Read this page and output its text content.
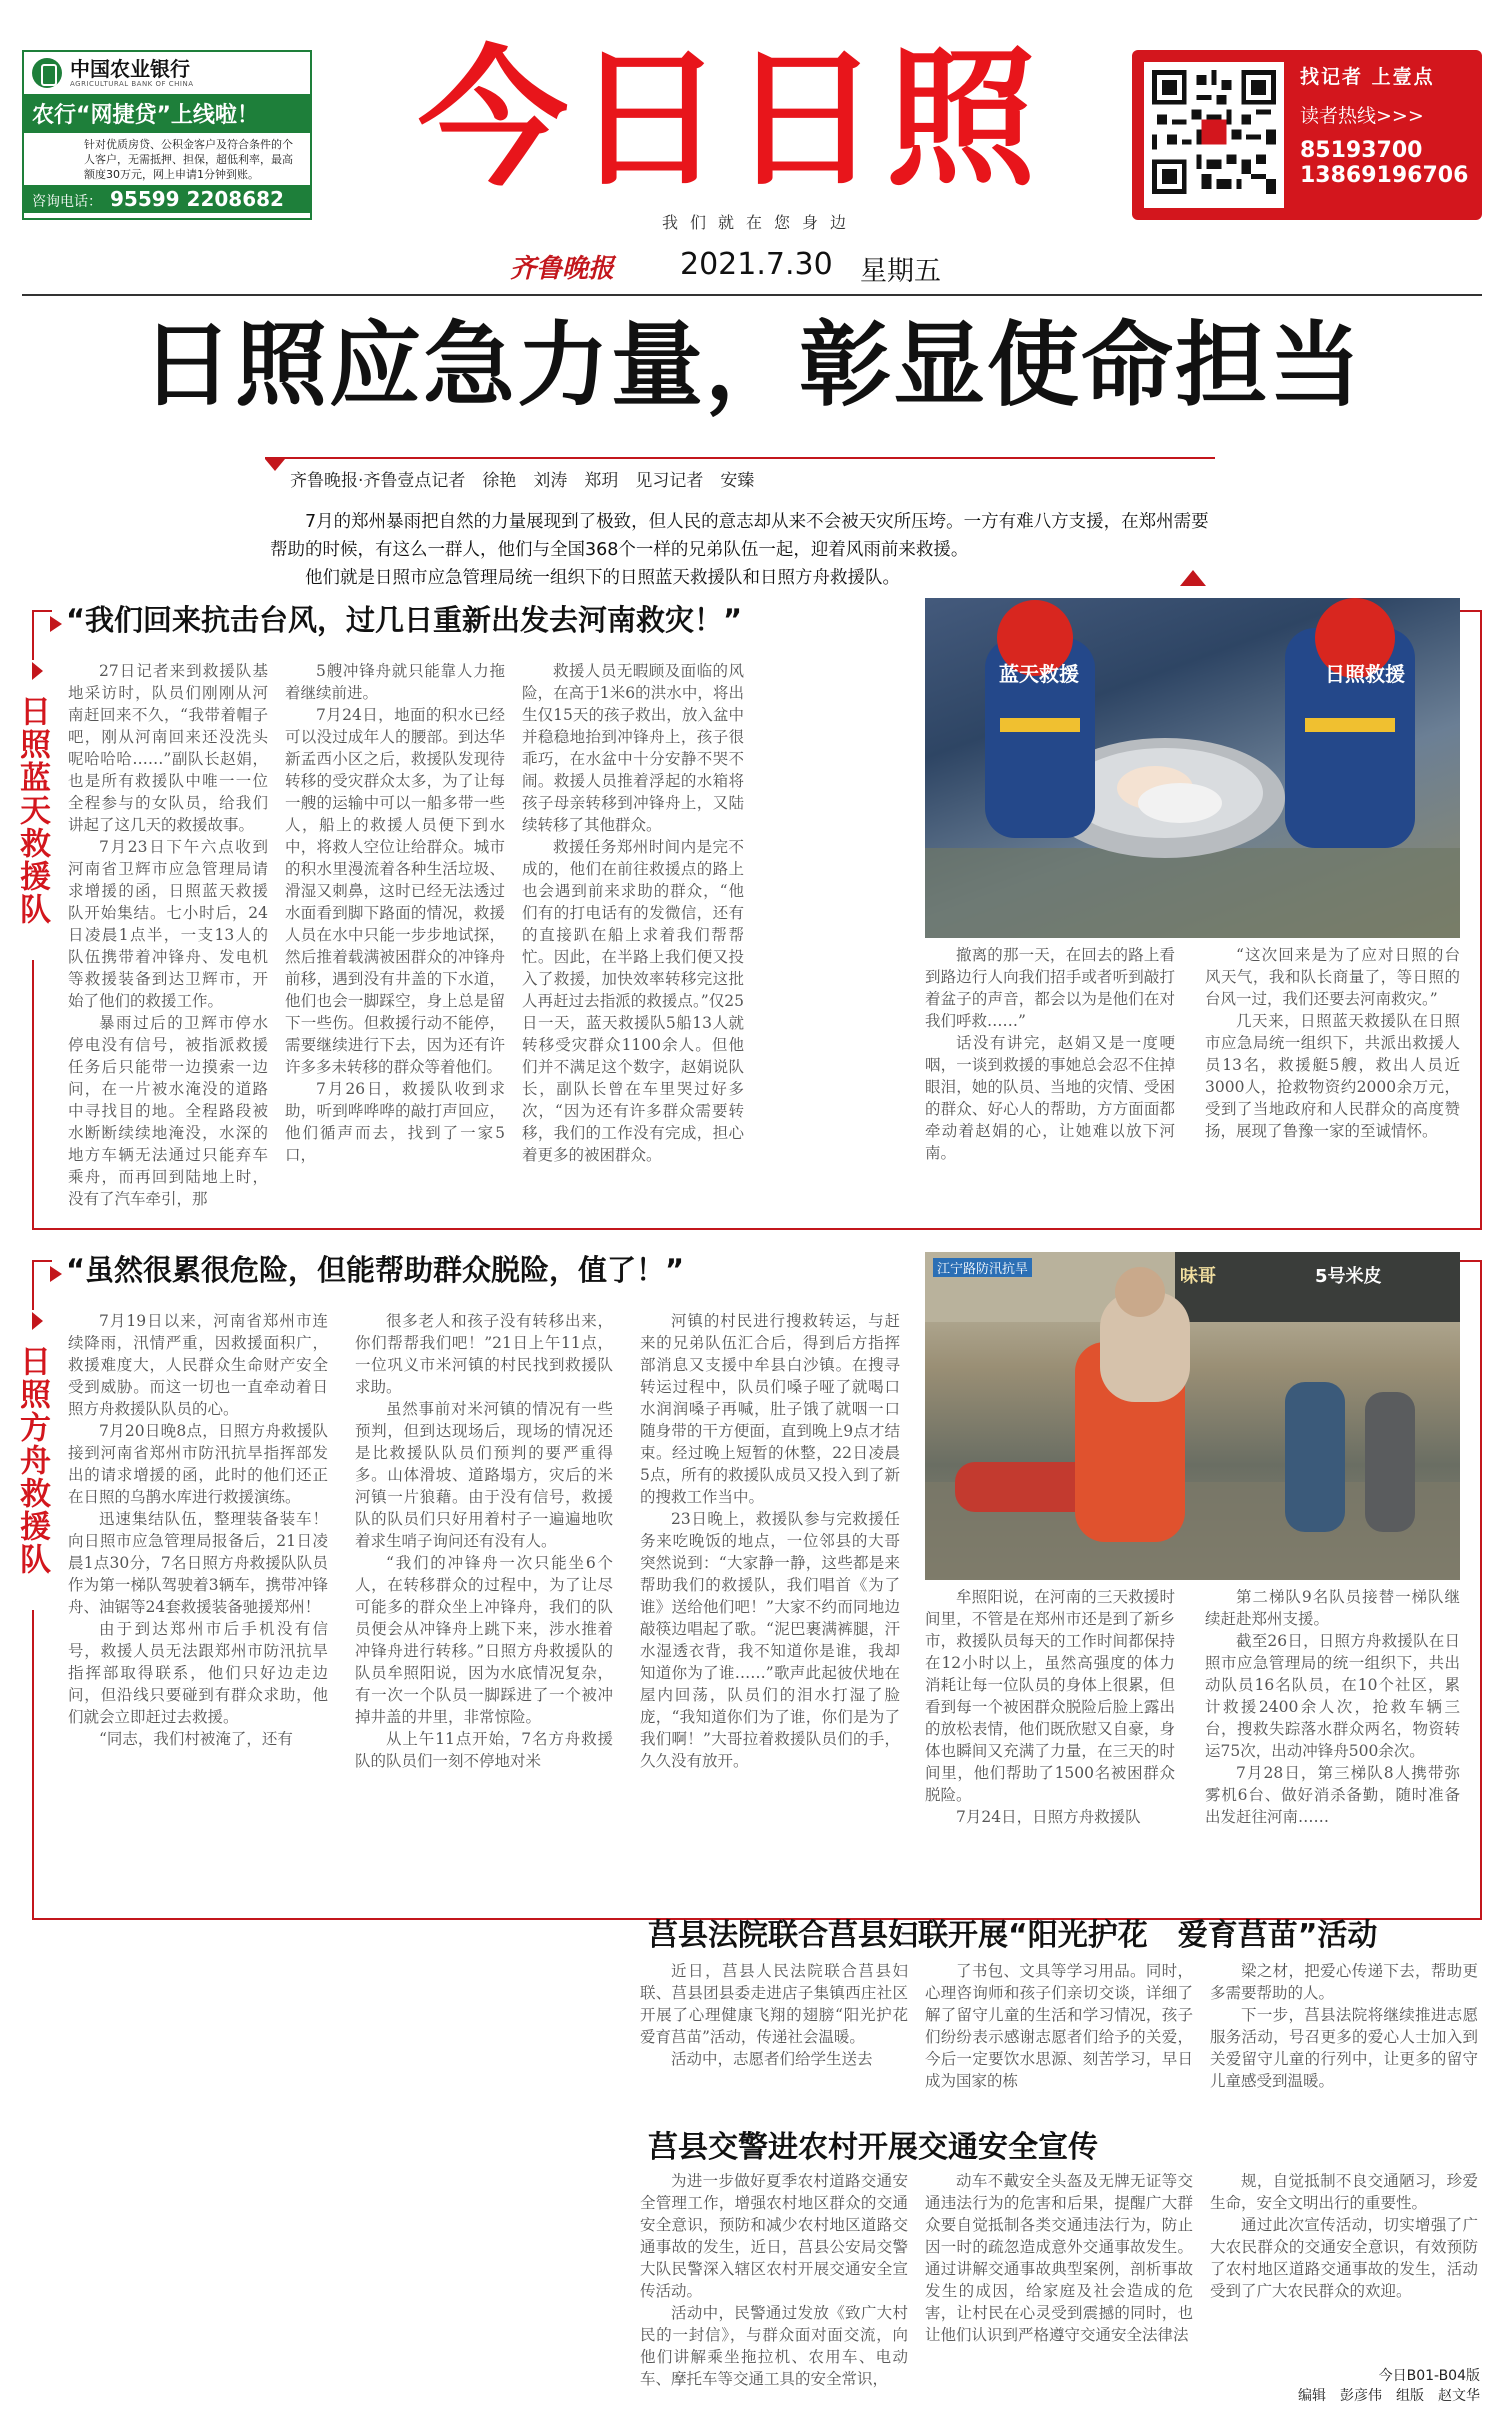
中国农业银行
AGRICULTURAL BANK OF CHINA
农行“网捷贷”上线啦！
针对优质房贷、公积金客户及符合条件的个人客户，无需抵押、担保，超低利率，最高额度30万元，网上申请1分钟到账。
咨询电话： 95599 2208682 今日日照
我们就在您身边
齐鲁晚报 2021.7.30 星期五
找记者 上壹点
读者热线>>>
85193700
13869196706
日照应急力量，彰显使命担当
齐鲁晚报·齐鲁壹点记者　徐艳　刘涛　郑玥　见习记者　安臻

7月的郑州暴雨把自然的力量展现到了极致，但人民的意志却从来不会被天灾所压垮。一方有难八方支援，在郑州需要帮助的时候，有这么一群人，他们与全国368个一样的兄弟队伍一起，迎着风雨前来救援。

他们就是日照市应急管理局统一组织下的日照蓝天救援队和日照方舟救援队。

“我们回来抗击台风，过几日重新出发去河南救灾！”
日照蓝天救援队

27日记者来到救援队基地采访时，队员们刚刚从河南赶回来不久，“我带着帽子吧，刚从河南回来还没洗头呢哈哈哈……”副队长赵娟，也是所有救援队中唯一一位全程参与的女队员，给我们讲起了这几天的救援故事。

7月23日下午六点收到河南省卫辉市应急管理局请求增援的函，日照蓝天救援队开始集结。七小时后，24日凌晨1点半，一支13人的队伍携带着冲锋舟、发电机等救援装备到达卫辉市，开始了他们的救援工作。

暴雨过后的卫辉市停水停电没有信号，被指派救援任务后只能带一边摸索一边问，在一片被水淹没的道路中寻找目的地。全程路段被水断断续续地淹没，水深的地方车辆无法通过只能弃车乘舟，而再回到陆地上时，没有了汽车牵引，那

5艘冲锋舟就只能靠人力拖着继续前进。

7月24日，地面的积水已经可以没过成年人的腰部。到达华新孟西小区之后，救援队发现待转移的受灾群众太多，为了让每一艘的运输中可以一船多带一些人，船上的救援人员便下到水中，将救人空位让给群众。城市的积水里漫流着各种生活垃圾、滑湿又刺鼻，这时已经无法透过水面看到脚下路面的情况，救援人员在水中只能一步步地试探，然后推着载满被困群众的冲锋舟前移，遇到没有井盖的下水道，他们也会一脚踩空，身上总是留下一些伤。但救援行动不能停，需要继续进行下去，因为还有许许多多未转移的群众等着他们。

7月26日，救援队收到求助，听到哗哗哗的敲打声回应，他们循声而去，找到了一家5口，

救援人员无暇顾及面临的风险，在高于1米6的洪水中，将出生仅15天的孩子救出，放入盆中并稳稳地抬到冲锋舟上，孩子很乖巧，在水盆中十分安静不哭不闹。救援人员推着浮起的水箱将孩子母亲转移到冲锋舟上，又陆续转移了其他群众。

救援任务郑州时间内是完不成的，他们在前往救援点的路上也会遇到前来求助的群众，“他们有的打电话有的发微信，还有的直接趴在船上求着我们帮帮忙。因此，在半路上我们便又投入了救援，加快效率转移完这批人再赶过去指派的救援点。”仅25日一天，蓝天救援队5船13人就转移受灾群众1100余人。但他们并不满足这个数字，赵娟说队长，副队长曾在车里哭过好多次，“因为还有许多群众需要转移，我们的工作没有完成，担心着更多的被困群众。

蓝天救援	日照救援

撤离的那一天，在回去的路上看到路边行人向我们招手或者听到敲打着盆子的声音，都会以为是他们在对我们呼救……”

话没有讲完，赵娟又是一度哽咽，一谈到救援的事她总会忍不住掉眼泪，她的队员、当地的灾情、受困的群众、好心人的帮助，方方面面都牵动着赵娟的心，让她难以放下河南。

“这次回来是为了应对日照的台风天气，我和队长商量了，等日照的台风一过，我们还要去河南救灾。”

几天来，日照蓝天救援队在日照市应急局统一组织下，共派出救援人员13名，救援艇5艘，救出人员近3000人，抢救物资约2000余万元，受到了当地政府和人民群众的高度赞扬，展现了鲁豫一家的至诚情怀。

“虽然很累很危险，但能帮助群众脱险，值了！”
日照方舟救援队

7月19日以来，河南省郑州市连续降雨，汛情严重，因救援面积广，救援难度大，人民群众生命财产安全受到威胁。而这一切也一直牵动着日照方舟救援队队员的心。

7月20日晚8点，日照方舟救援队接到河南省郑州市防汛抗旱指挥部发出的请求增援的函，此时的他们还正在日照的乌鹊水库进行救援演练。

迅速集结队伍，整理装备装车！向日照市应急管理局报备后，21日凌晨1点30分，7名日照方舟救援队队员作为第一梯队驾驶着3辆车，携带冲锋舟、油锯等24套救援装备驰援郑州！

由于到达郑州市后手机没有信号，救援人员无法跟郑州市防汛抗旱指挥部取得联系，他们只好边走边问，但沿线只要碰到有群众求助，他们就会立即赶过去救援。

“同志，我们村被淹了，还有

很多老人和孩子没有转移出来，你们帮帮我们吧！”21日上午11点，一位巩义市米河镇的村民找到救援队求助。

虽然事前对米河镇的情况有一些预判，但到达现场后，现场的情况还是比救援队队员们预判的要严重得多。山体滑坡、道路塌方，灾后的米河镇一片狼藉。由于没有信号，救援队的队员们只好用着村子一遍遍地吹着求生哨子询问还有没有人。

“我们的冲锋舟一次只能坐6个人，在转移群众的过程中，为了让尽可能多的群众坐上冲锋舟，我们的队员便会从冲锋舟上跳下来，涉水推着冲锋舟进行转移。”日照方舟救援队的队员牟照阳说，因为水底情况复杂，有一次一个队员一脚踩进了一个被冲掉井盖的井里，非常惊险。

从上午11点开始，7名方舟救援队的队员们一刻不停地对米

河镇的村民进行搜救转运，与赶来的兄弟队伍汇合后，得到后方指挥部消息又支援中牟县白沙镇。在搜寻转运过程中，队员们嗓子哑了就喝口水润润嗓子再喊，肚子饿了就咽一口随身带的干方便面，直到晚上9点才结束。经过晚上短暂的休整，22日凌晨5点，所有的救援队成员又投入到了新的搜救工作当中。

23日晚上，救援队参与完救援任务来吃晚饭的地点，一位邻县的大哥突然说到：“大家静一静，这些都是来帮助我们的救援队，我们唱首《为了谁》送给他们吧！”大家不约而同地边敲筷边唱起了歌。“泥巴裹满裤腿，汗水湿透衣背，我不知道你是谁，我却知道你为了谁……”歌声此起彼伏地在屋内回荡，队员们的泪水打湿了脸庞，“我知道你们为了谁，你们是为了我们啊！”大哥拉着救援队员们的手，久久没有放开。

江宁路防汛抗旱	味哥	5号米皮

牟照阳说，在河南的三天救援时间里，不管是在郑州市还是到了新乡市，救援队员每天的工作时间都保持在12小时以上，虽然高强度的体力消耗让每一位队员的身体上很累，但看到每一个被困群众脱险后脸上露出的放松表情，他们既欣慰又自豪，身体也瞬间又充满了力量，在三天的时间里，他们帮助了1500名被困群众脱险。

7月24日，日照方舟救援队

第二梯队9名队员接替一梯队继续赶赴郑州支援。

截至26日，日照方舟救援队在日照市应急管理局的统一组织下，共出动队员16名队员，在10个社区，累计救援2400余人次，抢救车辆三台，搜救失踪落水群众两名，物资转运75次，出动冲锋舟500余次。

7月28日，第三梯队8人携带弥雾机6台、做好消杀备勤，随时准备出发赶往河南……

莒县法院联合莒县妇联开展“阳光护花　爱育莒苗”活动

近日，莒县人民法院联合莒县妇联、莒县团县委走进店子集镇西庄社区开展了心理健康飞翔的翅膀“阳光护花　爱育莒苗”活动，传递社会温暖。

活动中，志愿者们给学生送去

了书包、文具等学习用品。同时，心理咨询师和孩子们亲切交谈，详细了解了留守儿童的生活和学习情况，孩子们纷纷表示感谢志愿者们给予的关爱，今后一定要饮水思源、刻苦学习，早日成为国家的栋

梁之材，把爱心传递下去，帮助更多需要帮助的人。

下一步，莒县法院将继续推进志愿服务活动，号召更多的爱心人士加入到关爱留守儿童的行列中，让更多的留守儿童感受到温暖。

莒县交警进农村开展交通安全宣传

为进一步做好夏季农村道路交通安全管理工作，增强农村地区群众的交通安全意识，预防和减少农村地区道路交通事故的发生，近日，莒县公安局交警大队民警深入辖区农村开展交通安全宣传活动。

活动中，民警通过发放《致广大村民的一封信》，与群众面对面交流，向他们讲解乘坐拖拉机、农用车、电动车、摩托车等交通工具的安全常识，

动车不戴安全头盔及无牌无证等交通违法行为的危害和后果，提醒广大群众要自觉抵制各类交通违法行为，防止因一时的疏忽造成意外交通事故发生。通过讲解交通事故典型案例，剖析事故发生的成因，给家庭及社会造成的危害，让村民在心灵受到震撼的同时，也让他们认识到严格遵守交通安全法律法

规，自觉抵制不良交通陋习，珍爱生命，安全文明出行的重要性。

通过此次宣传活动，切实增强了广大农民群众的交通安全意识，有效预防了农村地区道路交通事故的发生，活动受到了广大农民群众的欢迎。

今日B01-B04版
编辑　彭彦伟　组版　赵文华
